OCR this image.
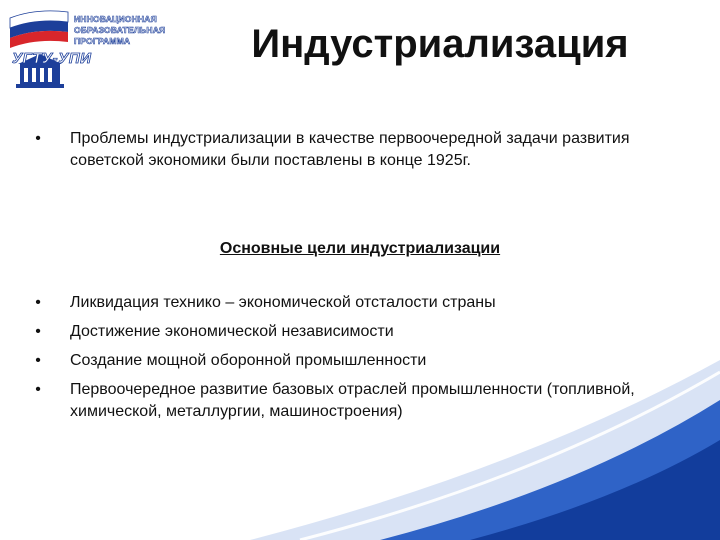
ИННОВАЦИОННАЯ
ОБРАЗОВАТЕЛЬНАЯ
ПРОГРАММА
УГТУ-УПИ	Индустриализация
•	Проблемы индустриализации в качестве первоочередной задачи развития советской экономики были поставлены в конце 1925г.
Основные цели индустриализации
•	Ликвидация технико – экономической отсталости страны
•	Достижение экономической независимости
•	Создание мощной оборонной промышленности
•	Первоочередное развитие базовых отраслей промышленности (топливной, химической, металлургии, машиностроения)
